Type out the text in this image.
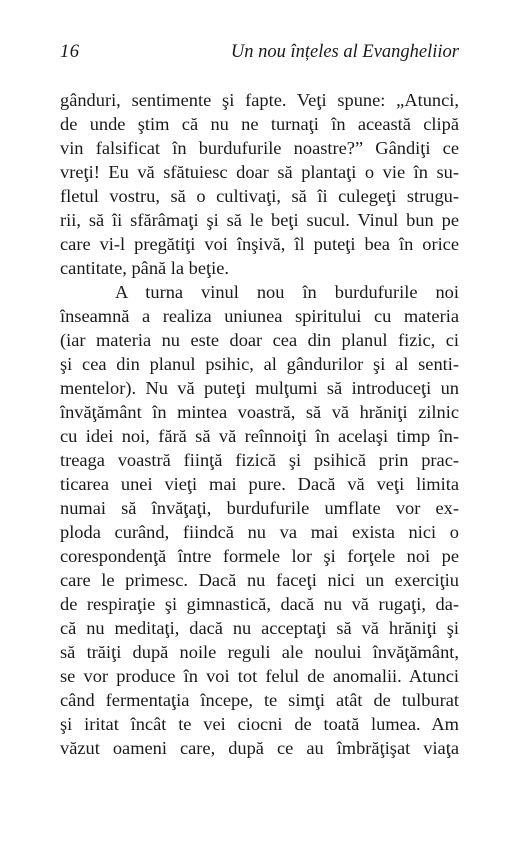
16	Un nou înțeles al Evangheliior
gânduri, sentimente şi fapte. Veţi spune: „Atunci,
de unde ştim că nu ne turnaţi în această clipă
vin falsificat în burdufurile noastre?” Gândiţi ce
vreţi! Eu vă sfătuiesc doar să plantaţi o vie în su-
fletul vostru, să o cultivaţi, să îi culegeţi strugu-
rii, să îi sfărâmaţi şi să le beţi sucul. Vinul bun pe
care vi-l pregătiţi voi înşivă, îl puteţi bea în orice
cantitate, până la beţie.
A turna vinul nou în burdufurile noi
înseamnă a realiza uniunea spiritului cu materia
(iar materia nu este doar cea din planul fizic, ci
şi cea din planul psihic, al gândurilor şi al senti-
mentelor). Nu vă puteţi mulţumi să introduceţi un
învăţământ în mintea voastră, să vă hrăniţi zilnic
cu idei noi, fără să vă reînnoiţi în acelaşi timp în-
treaga voastră fiinţă fizică şi psihică prin prac-
ticarea unei vieţi mai pure. Dacă vă veţi limita
numai să învăţaţi, burdufurile umflate vor ex-
ploda curând, fiindcă nu va mai exista nici o
corespondenţă între formele lor şi forţele noi pe
care le primesc. Dacă nu faceţi nici un exerciţiu
de respiraţie şi gimnastică, dacă nu vă rugaţi, da-
că nu meditaţi, dacă nu acceptaţi să vă hrăniţi şi
să trăiţi după noile reguli ale noului învăţământ,
se vor produce în voi tot felul de anomalii. Atunci
când fermentaţia începe, te simţi atât de tulburat
şi iritat încât te vei ciocni de toată lumea. Am
văzut oameni care, după ce au îmbrăţişat viaţa
